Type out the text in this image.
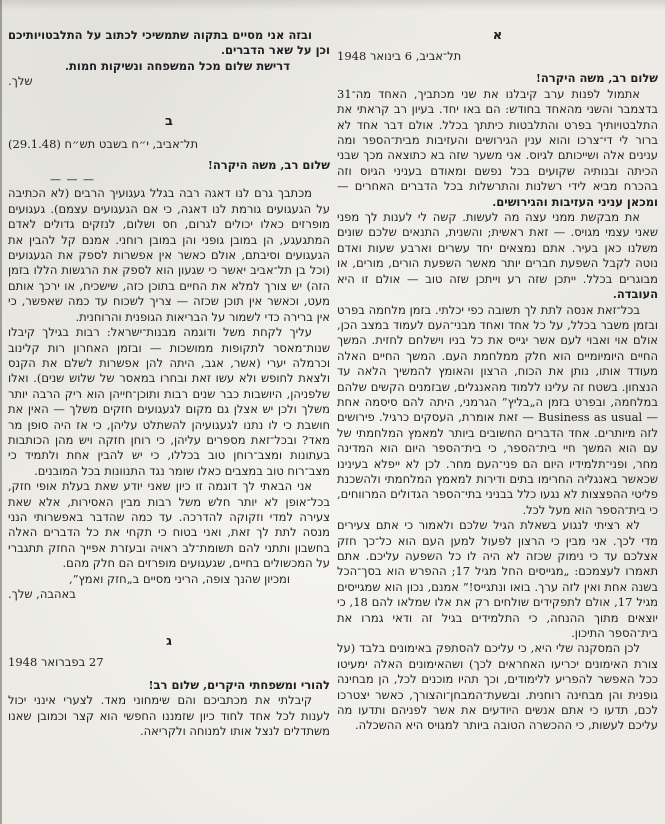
א

תל־אביב, 6 בינואר 1948

שלום רב, משה היקרה!

אתמול לפנות ערב קיבלנו את שני מכתביך, האחד מה־31 בדצמבר והשני מהאחד בחודש: הם באו יחד. בעיון רב קראתי את התלבטויותיך בפרט והתלבטות כיתתך בכלל. אולם דבר אחד לא ברור לי די־צרכו והוא ענין הגירושים והעזיבות מבית־הספר ומה ענינים אלה ושייכותם לגיוס. אני משער שזה בא כתוצאה מכך שבני הכיתה ובנותיה שקועים בכל נפשם ומאודם בעניני הגיוס וזה בהכרח מביא לידי רשלנות והתרשלות בכל הדברים האחרים — ומכאן עניני העזיבות והגירושים.

את מבקשת ממני עצה מה לעשות. קשה לי לענות לך מפני שאני עצמי מגויס. — זאת ראשית; והשנית, התנאים שלכם שונים משלנו כאן בעיר. אתם נמצאים יחד עשרים וארבע שעות ואדם נוטה לקבל השפעת חברים יותר מאשר השפעת הורים, מורים, או מבוגרים בכלל. ייתכן שזה רע וייתכן שזה טוב — אולם זו היא העובדה.

בכל־זאת אנסה לתת לך תשובה כפי יכלתי. בזמן מלחמה בפרט ובזמן משבר בכלל, על כל אחד ואחד מבני־העם לעמוד במצב הכן, אולם אוי ואבוי לעם אשר יגייס את כל בניו וישלחם לחזית. המשך החיים היומיומיים הוא חלק ממלחמת העם. המשך החיים האלה מעודד אותו, נותן את הכוח, הרצון והאומץ להמשיך הלאה עד הנצחון. בשטח זה עלינו ללמוד מהאנגלים, שבזמנים הקשים שלהם במלחמה, ובפרט בזמן ה„בליץ” הגרמני, היתה להם סיסמה אחת — Business as usual — זאת אומרת, העסקים כרגיל. פירושים לזה מיותרים. אחד הדברים החשובים ביותר למאמץ המלחמתי של עם הוא המשך חיי בית־הספר, כי בית־הספר היום הוא המדינה מחר, ופני־תלמידיו היום הם פני־העם מחר. לכן לא ייפלא בעינינו שכאשר באנגליה החרימו בתים ודירות למאמץ המלחמתי ולהשכנת פליטי ההפצצות לא נגעו כלל בבניני בתי־הספר הגדולים המרווחים, כי בית־הספר הוא מעל לכל.

לא רציתי לנגוע בשאלת הגיל שלכם ולאמור כי אתם צעירים מדי לכך. אני מבין כי הרצון לפעול למען העם הוא כל־כך חזק אצלכם עד כי נימוק שכזה לא היה לו כל השפעה עליכם. אתם תאמרו לעצמכם: „מגייסים החל מגיל 17; ההפרש הוא בסך־הכל בשנה אחת ואין לזה ערך. בואו ונתגייס!” אמנם, נכון הוא שמגייסים מגיל 17, אולם לתפקידים שולחים רק את אלו שמלאו להם 18, כי יוצאים מתוך ההנחה, כי התלמידים בגיל זה ודאי גמרו את בית־הספר התיכון.

לכן המסקנה שלי היא, כי עליכם להסתפק באימונים בלבד (על צורת האימונים יכריעו האחראים לכך) ושהאימונים האלה ימעיטו ככל האפשר להפריע ללימודים, וכך תהיו מוכנים לכל, הן מבחינה גופנית והן מבחינה רוחנית. ובשעת־המבחן־והצורך, כאשר יצטרכו לכם, תדעו כי אתם אנשים היודעים את אשר לפניהם ותדעו מה עליכם לעשות, כי ההכשרה הטובה ביותר למגויס היא ההשכלה.

ובזה אני מסיים בתקוה שתמשיכי לכתוב על התלבטויותיכם וכן על שאר הדברים.

דרישת שלום מכל המשפחה ונשיקות חמות.

שלך.

ב

תל־אביב, י״ח בשבט תש״ח (29.1.48)

שלום רב, משה היקרה!

— — —

מכתבך גרם לנו דאגה רבה בגלל געגועיך הרבים (לא הכתיבה על הגעגועים גורמת לנו דאגה, כי אם הגעגועים עצמם). געגועים מופרזים כאלו יכולים לגרום, חס ושלום, לנזקים גדולים לאדם המתגעגע, הן במובן גופני והן במובן רוחני. אמנם קל להבין את הגעגועים וסיבתם, אולם כאשר אין אפשרות לספק את הגעגועים (וכל בן תל־אביב יאשר כי שגעון הוא לספק את הרגשות הללו בזמן הזה) יש צורך למלא את החיים בתוכן כזה, שישכיח, או ירכך אותם מעט, וכאשר אין תוכן שכזה — צריך לשכוח עד כמה שאפשר, כי אין ברירה כדי לשמור על הבריאות הגופנית והרוחנית.

עליך לקחת משל ודוגמה מבנות־ישראל: רבות בגילך קיבלו שנות־מאסר לתקופות ממושכות — ובזמן האחרון רות קלינוב וכרמלה יערי (אשר, אגב, היתה להן אפשרות לשלם את הקנס ולצאת לחופש ולא עשו זאת ובחרו במאסר של שלוש שנים). ואלו שלפניהן, היושבות כבר שנים רבות ותוכן־חייהן הוא ריק הרבה יותר משלך ולכן יש אצלן גם מקום לגעגועים חזקים משלך — האין את חושבת כי לו נתנו לגעגועיהן להשתלט עליהן, כי אז היה סופן מר מאד? ובכל־זאת מספרים עליהן, כי רוחן חזקה ויש מהן הכותבות בעתונות ומצב־רוחן טוב בכללו, כי יש להבין אחת ולתמיד כי מצב־רוח טוב במצבים כאלו שומר נגד התנוונות בכל המובנים.

אני הבאתי לך דוגמה זו כיון שאני יודע שאת בעלת אופי חזק, בכל־אופן לא יותר חלש משל רבות מבין האסירות, אלא שאת צעירה למדי וזקוקה להדרכה. עד כמה שהדבר באפשרותי הנני מנסה לתת לך זאת, ואני בטוח כי תקחי את כל הדברים האלה בחשבון ותתני להם תשומת־לב ראויה ובעזרת אפייך החזק תתגברי על המכשולים בחיים, שגעגועים מופרזים הם חלק מהם.

ומכיון שהנך צופה, הריני מסיים ב„חזק ואמץ”,

באהבה, שלך.

ג

27 בפברואר 1948

להורי ומשפחתי היקרים, שלום רב!

קיבלתי את מכתביכם והם שימחוני מאד. לצערי אינני יכול לענות לכל אחד לחוד כיון שזמננו החפשי הוא קצר וכמובן שאנו משתדלים לנצל אותו למנוחה ולקריאה.
